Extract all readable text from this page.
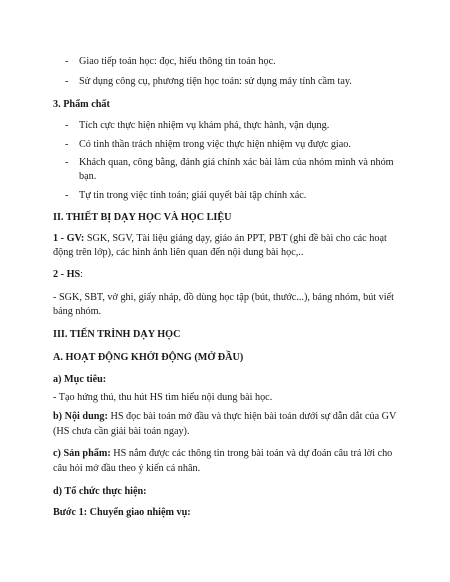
- Giao tiếp toán học: đọc, hiểu thông tin toán học.

- Sử dụng công cụ, phương tiện học toán: sử dụng máy tính cầm tay.

3. Phẩm chất

- Tích cực thực hiện nhiệm vụ khám phá, thực hành, vận dụng.

- Có tinh thần trách nhiệm trong việc thực hiện nhiệm vụ được giao.

- Khách quan, công bằng, đánh giá chính xác bài làm của nhóm mình và nhóm

bạn.

- Tự tin trong việc tính toán; giải quyết bài tập chính xác.

II. THIẾT BỊ DẠY HỌC VÀ HỌC LIỆU

1 - GV: SGK, SGV, Tài liệu giảng dạy, giáo án PPT, PBT (ghi đề bài cho các hoạt

động trên lớp), các hình ảnh liên quan đến nội dung bài học,..

2 - HS:

- SGK, SBT, vở ghi, giấy nháp, đồ dùng học tập (bút, thước...), bảng nhóm, bút viết

bảng nhóm.

III. TIẾN TRÌNH DẠY HỌC

A. HOẠT ĐỘNG KHỞI ĐỘNG (MỞ ĐẦU)

a) Mục tiêu:

- Tạo hứng thú, thu hút HS tìm hiểu nội dung bài học.

b) Nội dung: HS đọc bài toán mở đầu và thực hiện bài toán dưới sự dẫn dắt của GV

(HS chưa cần giải bài toán ngay).

c) Sản phẩm: HS nắm được các thông tin trong bài toán và dự đoán câu trả lời cho

câu hỏi mở đầu theo ý kiến cá nhân.

d) Tổ chức thực hiện:

Bước 1: Chuyển giao nhiệm vụ:
